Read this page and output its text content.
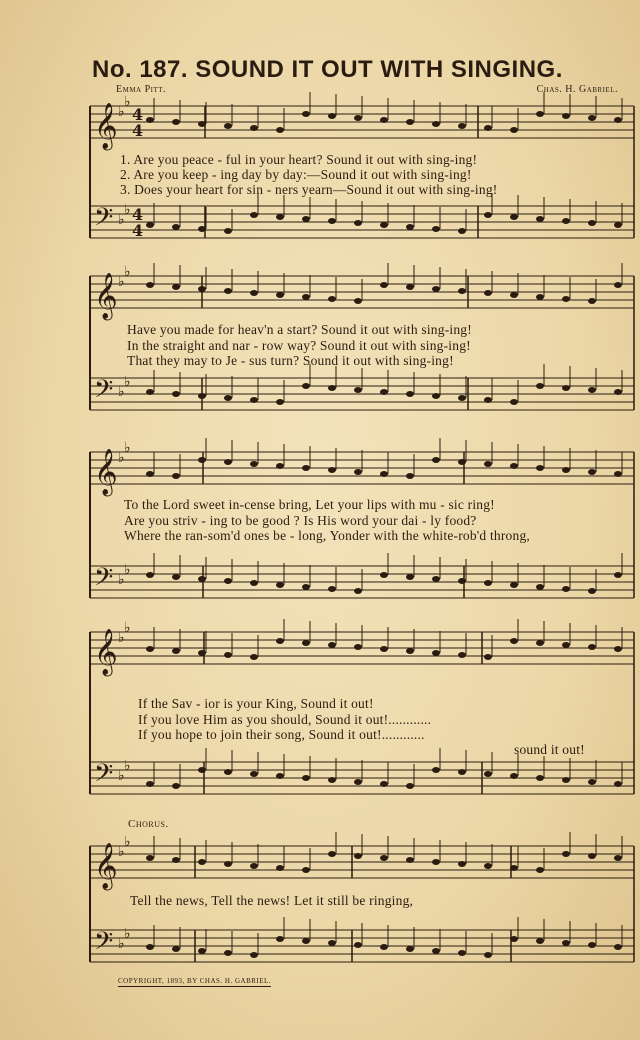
No. 187. SOUND IT OUT WITH SINGING.
Emma Pitt.	Chas. H. Gabriel.
𝄞 ♭
♭
4
4
𝄢 ♭
♭ 4
4
𝄞 ♭
♭
𝄢 ♭
♭
𝄞 ♭
♭
𝄢 ♭
♭
𝄞 ♭
♭
𝄢 ♭
♭
𝄞 ♭
♭
𝄢 ♭
♭
1. Are you peace - ful in your heart? Sound it out with sing-ing!
2. Are you keep - ing day by day:—Sound it out with sing-ing!
3. Does your heart for sin - ners yearn—Sound it out with sing-ing!
Have you made for heav'n a start? Sound it out with sing-ing!
In the straight and nar - row way? Sound it out with sing-ing!
That they may to Je - sus turn? Sound it out with sing-ing!
To the Lord sweet in-cense bring, Let your lips with mu - sic ring!
Are you striv - ing to be good ? Is His word your dai - ly food?
Where the ran-som'd ones be - long, Yonder with the white-rob'd throng,
If the Sav - ior is your King, Sound it out!
If you love Him as you should, Sound it out!............
If you hope to join their song, Sound it out!............
sound it out!
Chorus.
Tell the news, Tell the news! Let it still be ringing,
COPYRIGHT, 1893, BY CHAS. H. GABRIEL.
